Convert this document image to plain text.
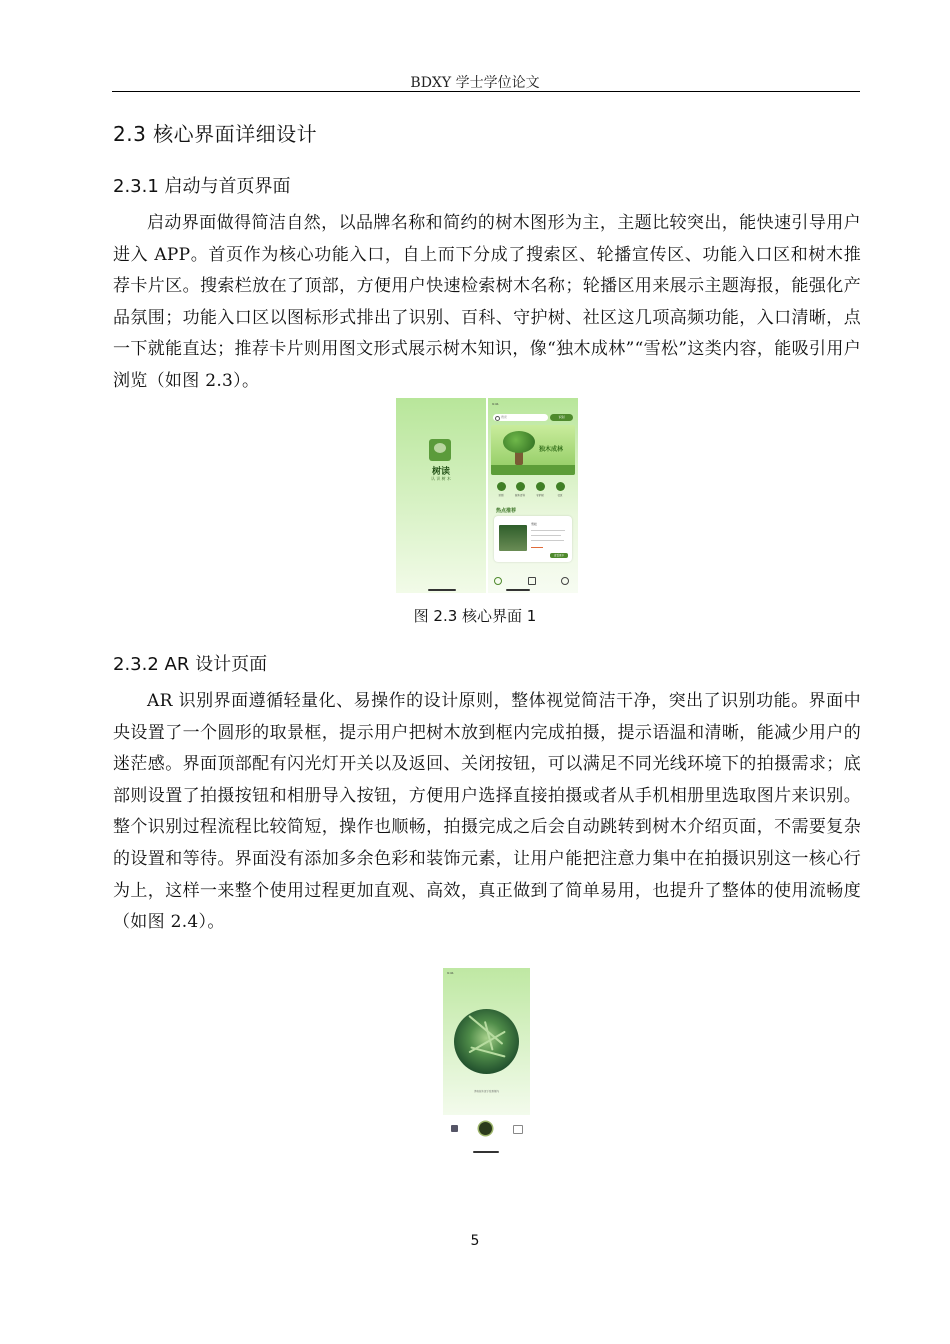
BDXY 学士学位论文
2.3 核心界面详细设计
2.3.1 启动与首页界面

启动界面做得简洁自然，以品牌名称和简约的树木图形为主，主题比较突出，能快速引导用户进入 APP。首页作为核心功能入口，自上而下分成了搜索区、轮播宣传区、功能入口区和树木推荐卡片区。搜索栏放在了顶部，方便用户快速检索树木名称；轮播区用来展示主题海报，能强化产品氛围；功能入口区以图标形式排出了识别、百科、守护树、社区这几项高频功能，入口清晰，点一下就能直达；推荐卡片则用图文形式展示树木知识，像“独木成林”“雪松”这类内容，能吸引用户浏览（如图 2.3）。

树读
认 识 树 木
9:41
搜索	识别
独木成林
识别	树木百科	守护树	社区
热点推荐
雪松
查看更多
图 2.3 核心界面 1
2.3.2 AR 设计页面

AR 识别界面遵循轻量化、易操作的设计原则，整体视觉简洁干净，突出了识别功能。界面中央设置了一个圆形的取景框，提示用户把树木放到框内完成拍摄，提示语温和清晰，能减少用户的迷茫感。界面顶部配有闪光灯开关以及返回、关闭按钮，可以满足不同光线环境下的拍摄需求；底部则设置了拍摄按钮和相册导入按钮，方便用户选择直接拍摄或者从手机相册里选取图片来识别。整个识别过程流程比较简短，操作也顺畅，拍摄完成之后会自动跳转到树木介绍页面，不需要复杂的设置和等待。界面没有添加多余色彩和装饰元素，让用户能把注意力集中在拍摄识别这一核心行为上，这样一来整个使用过程更加直观、高效，真正做到了简单易用，也提升了整体的使用流畅度（如图 2.4）。

9:41
请将树木置于取景框内
5
